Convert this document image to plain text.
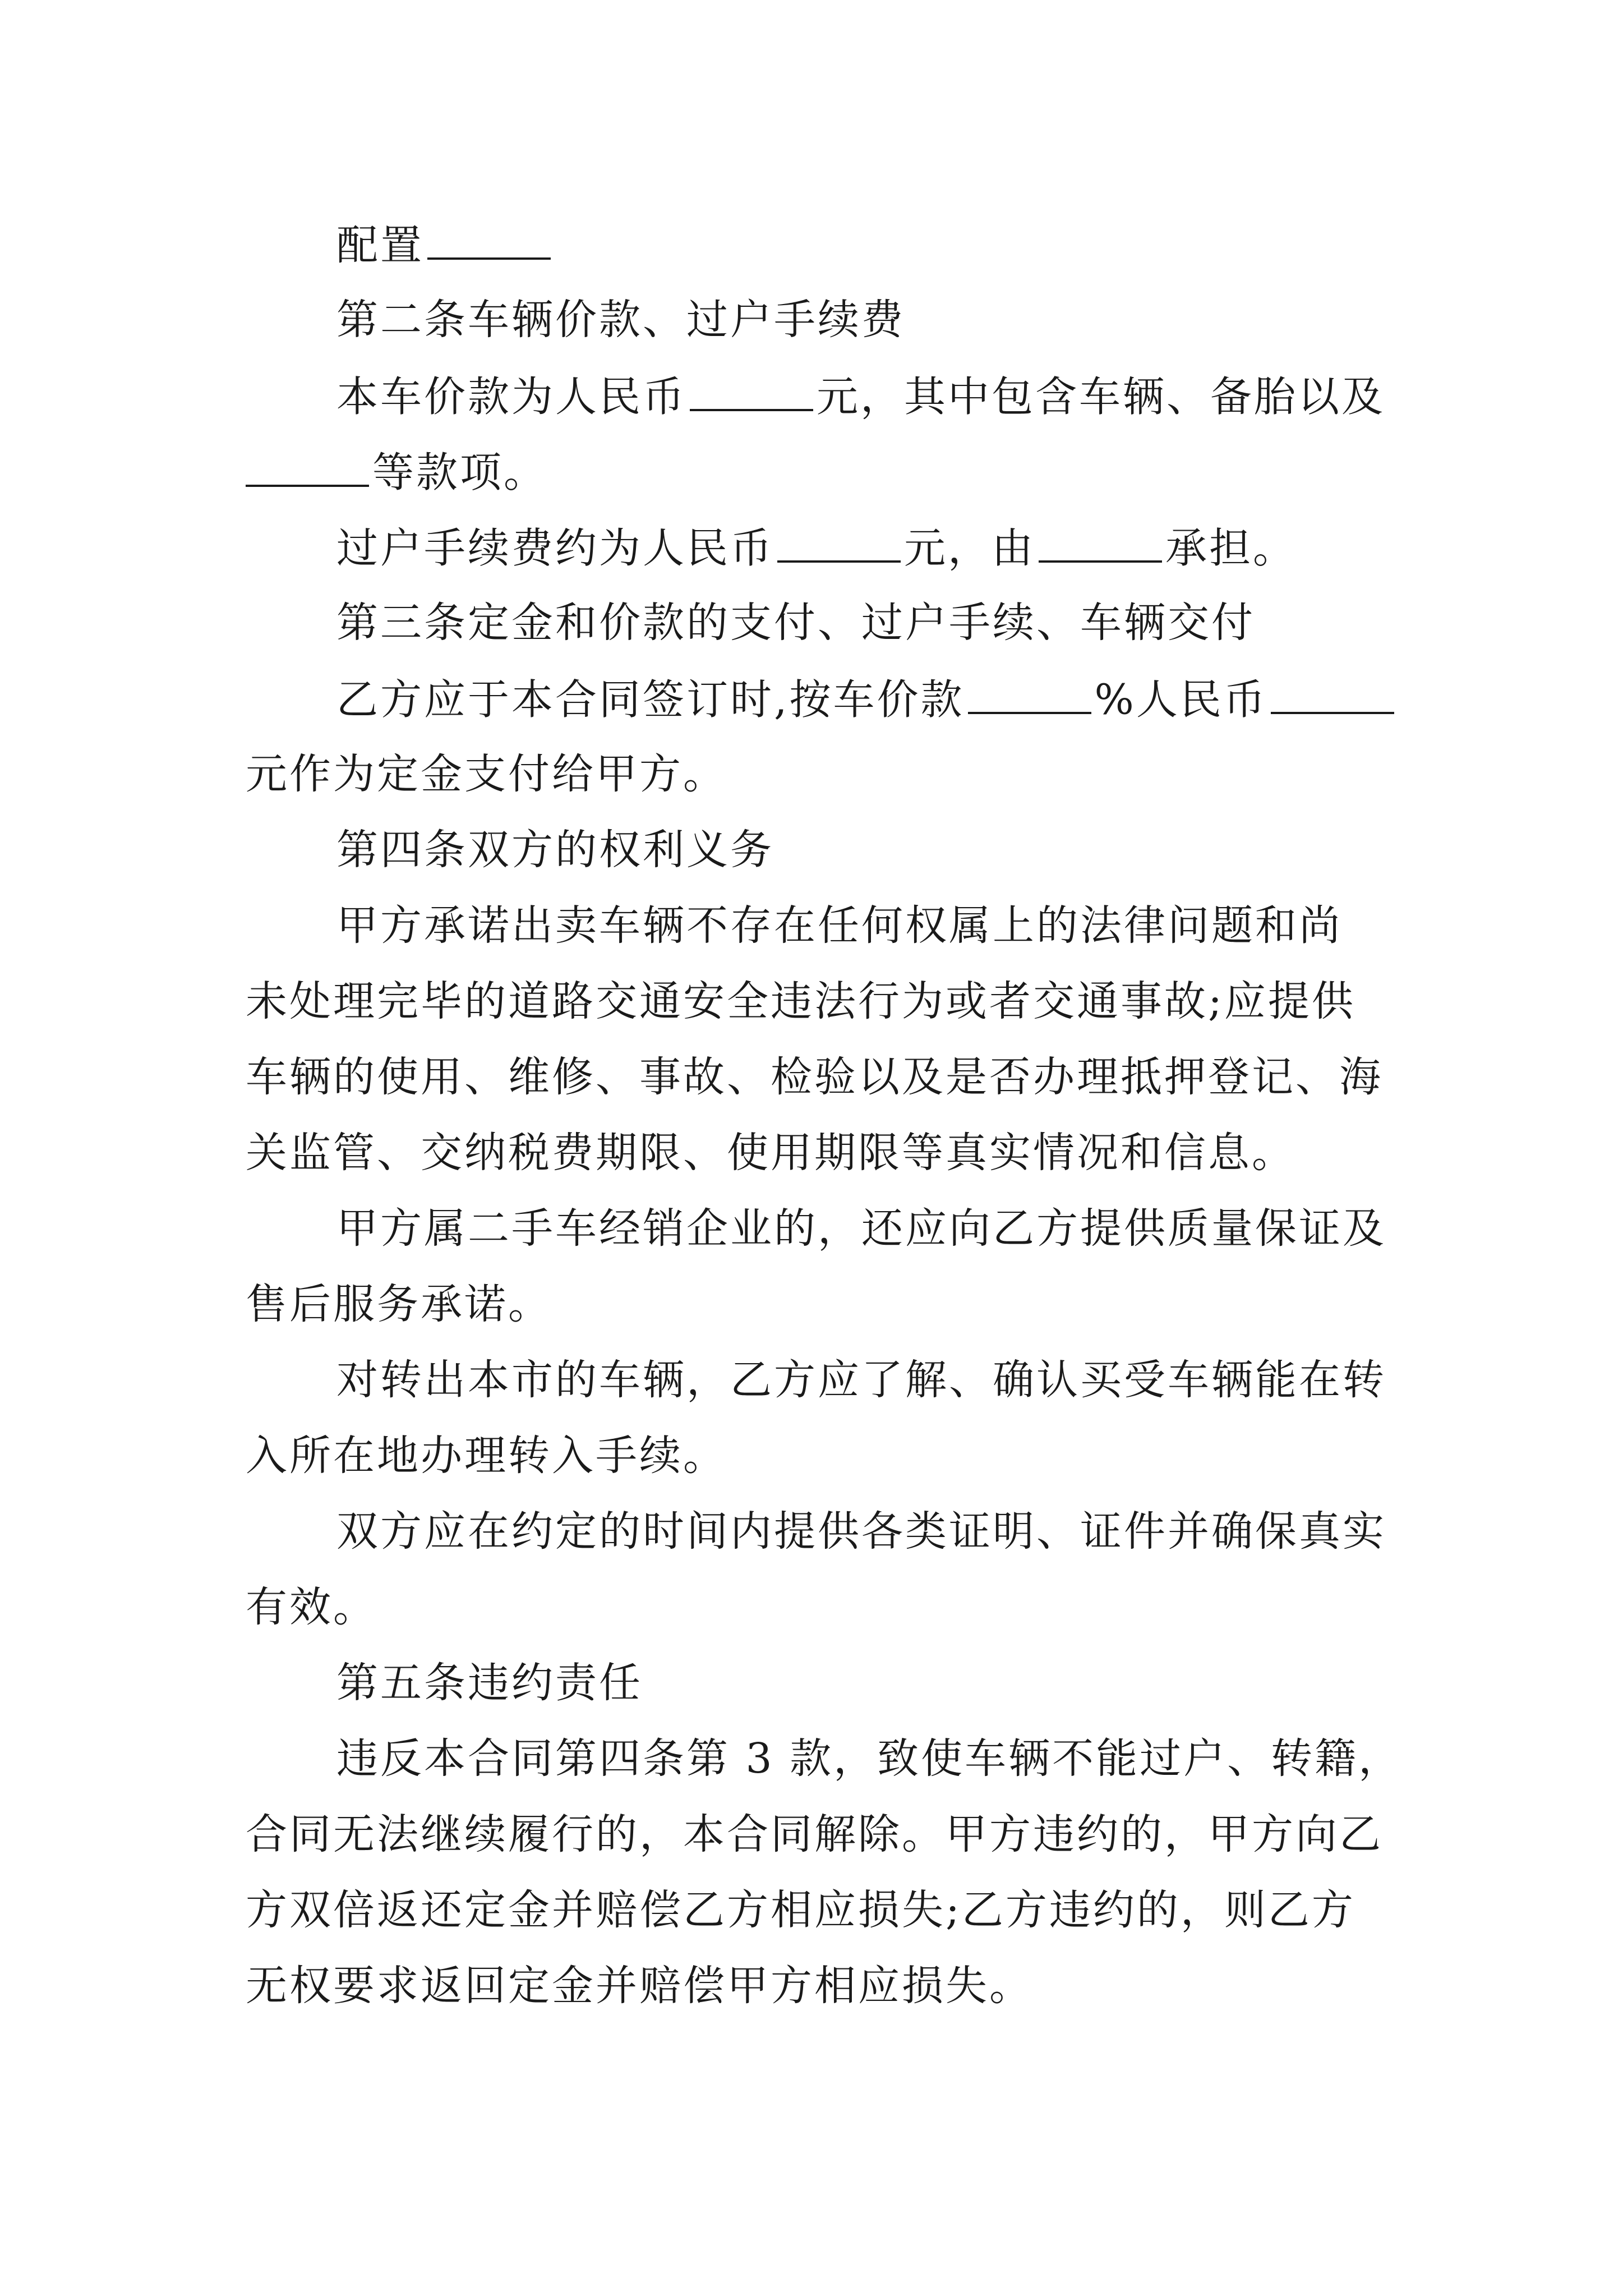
配置
第二条车辆价款、过户手续费
本车价款为人民币	元，其中包含车辆、备胎以及
等款项。
过户手续费约为人民币	元，由	承担。
第三条定金和价款的支付、过户手续、车辆交付
乙方应于本合同签订时,按车价款	%人民币
元作为定金支付给甲方。
第四条双方的权利义务
甲方承诺出卖车辆不存在任何权属上的法律问题和尚
未处理完毕的道路交通安全违法行为或者交通事故;应提供
车辆的使用、维修、事故、检验以及是否办理抵押登记、海
关监管、交纳税费期限、使用期限等真实情况和信息。
甲方属二手车经销企业的，还应向乙方提供质量保证及
售后服务承诺。
对转出本市的车辆，乙方应了解、确认买受车辆能在转
入所在地办理转入手续。
双方应在约定的时间内提供各类证明、证件并确保真实
有效。
第五条违约责任
违反本合同第四条第 3 款，致使车辆不能过户、转籍，
合同无法继续履行的，本合同解除。甲方违约的，甲方向乙
方双倍返还定金并赔偿乙方相应损失;乙方违约的，则乙方
无权要求返回定金并赔偿甲方相应损失。
